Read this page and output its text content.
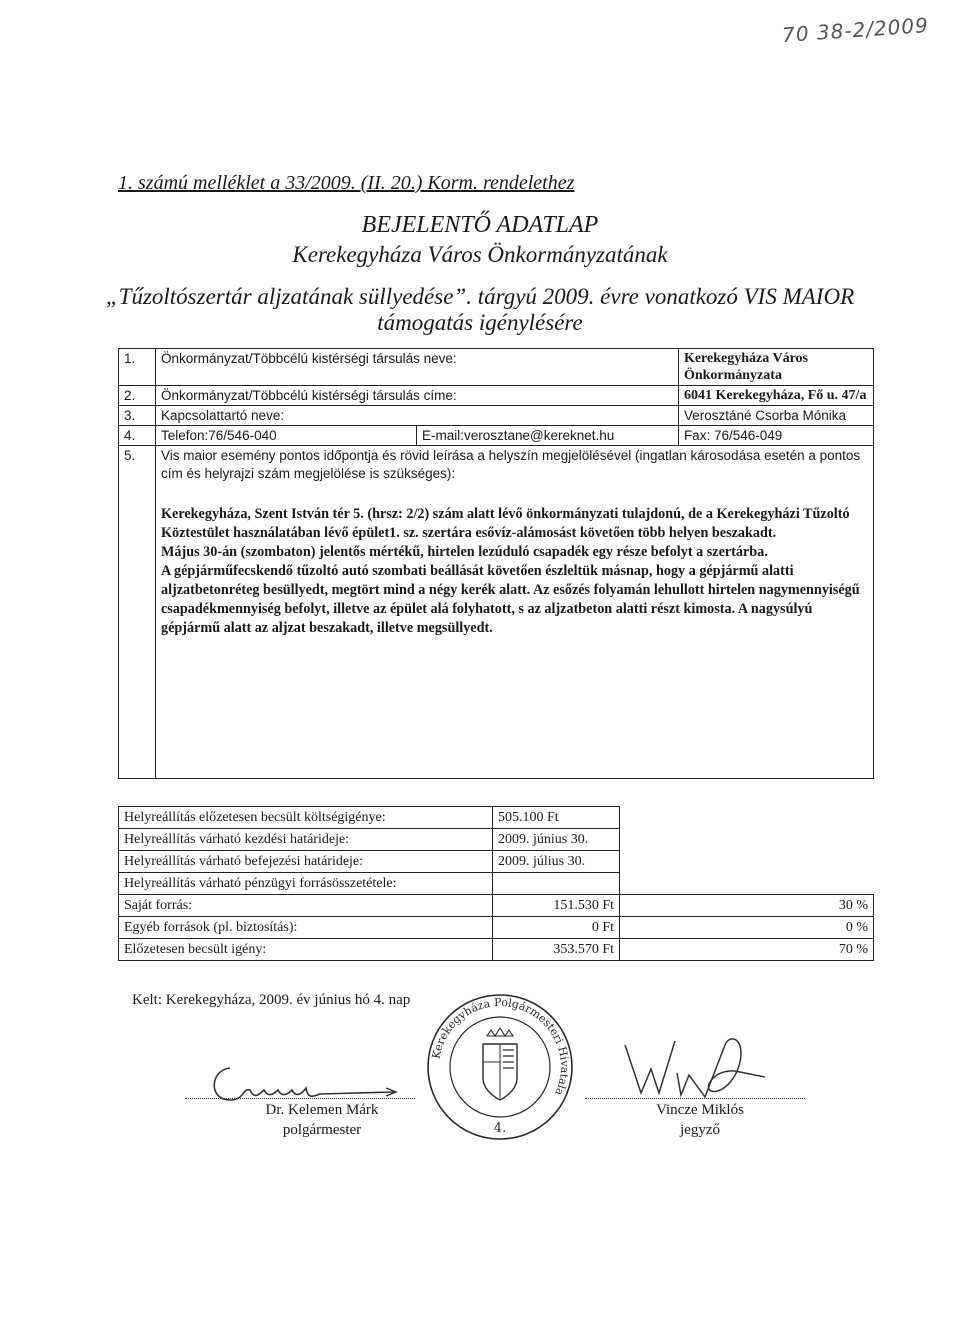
70 38-2/2009
1. számú melléklet a 33/2009. (II. 20.) Korm. rendelethez
BEJELENTŐ ADATLAP
Kerekegyháza Város Önkormányzatának
„Tűzoltószertár aljzatának süllyedése”. tárgyú 2009. évre vonatkozó VIS MAIOR
támogatás igénylésére
1.	Önkormányzat/Többcélú kistérségi társulás neve:		Kerekegyháza Város Önkormányzata
2.	Önkormányzat/Többcélú kistérségi társulás címe:		6041 Kerekegyháza, Fő u. 47/a
3.	Kapcsolattartó neve:		Verosztáné Csorba Mónika
4.	Telefon:76/546-040	E-mail:verosztane@kereknet.hu	Fax: 76/546-049
5.	Vis maior esemény pontos időpontja és rövid leírása a helyszín megjelölésével (ingatlan károsodása esetén a pontos cím és helyrajzi szám megjelölése is szükséges):
Kerekegyháza, Szent István tér 5. (hrsz: 2/2) szám alatt lévő önkormányzati tulajdonú, de a Kerekegyházi Tűzoltó Köztestület használatában lévő épület1. sz. szertára esővíz-alámosást követően több helyen beszakadt.
Május 30-án (szombaton) jelentős mértékű, hirtelen lezúduló csapadék egy része befolyt a szertárba.
A gépjárműfecskendő tűzoltó autó szombati beállását követően észleltük másnap, hogy a gépjármű alatti aljzatbetonréteg besüllyedt, megtört mind a négy kerék alatt. Az esőzés folyamán lehullott hirtelen nagymennyiségű csapadékmennyiség befolyt, illetve az épület alá folyhatott, s az aljzatbeton alatti részt kimosta. A nagysúlyú gépjármű alatt az aljzat beszakadt, illetve megsüllyedt.		
Helyreállítás előzetesen becsült költségigénye:	505.100 Ft	
Helyreállítás várható kezdési határideje:	2009. június 30.	
Helyreállítás várható befejezési határideje:	2009. július 30.	
Helyreállítás várható pénzügyi forrásösszetétele:		
Saját forrás:	151.530 Ft	30 %
Egyéb források (pl. biztosítás):	0 Ft	0 %
Előzetesen becsült igény:	353.570 Ft	70 %
Kelt: Kerekegyháza, 2009. év június hó 4. nap
Dr. Kelemen Márk
polgármester
Kerekegyháza Polgármesteri Hivatala
4.
Vincze Miklós
jegyző
